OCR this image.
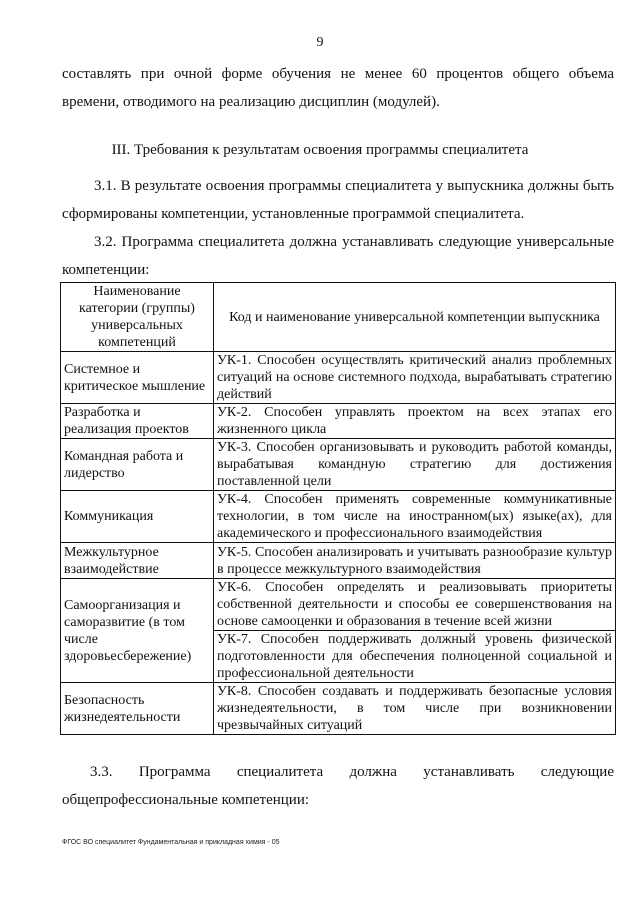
9
составлять при очной форме обучения не менее 60 процентов общего объема времени, отводимого на реализацию дисциплин (модулей).
III. Требования к результатам освоения программы специалитета
3.1. В результате освоения программы специалитета у выпускника должны быть сформированы компетенции, установленные программой специалитета.
3.2. Программа специалитета должна устанавливать следующие универсальные компетенции:
Наименование категории (группы) универсальных компетенций	Код и наименование универсальной компетенции выпускника
Системное и критическое мышление	УК-1. Способен осуществлять критический анализ проблемных ситуаций на основе системного подхода, вырабатывать стратегию действий
Разработка и реализация проектов	УК-2. Способен управлять проектом на всех этапах его жизненного цикла
Командная работа и лидерство	УК-3. Способен организовывать и руководить работой команды, вырабатывая командную стратегию для достижения поставленной цели
Коммуникация	УК-4. Способен применять современные коммуникативные технологии, в том числе на иностранном(ых) языке(ах), для академического и профессионального взаимодействия
Межкультурное взаимодействие	УК-5. Способен анализировать и учитывать разнообразие культур в процессе межкультурного взаимодействия
Самоорганизация и саморазвитие (в том числе здоровьесбережение)	УК-6. Способен определять и реализовывать приоритеты собственной деятельности и способы ее совершенствования на основе самооценки и образования в течение всей жизни
	УК-7. Способен поддерживать должный уровень физической подготовленности для обеспечения полноценной социальной и профессиональной деятельности
Безопасность жизнедеятельности	УК-8. Способен создавать и поддерживать безопасные условия жизнедеятельности, в том числе при возникновении чрезвычайных ситуаций
3.3. Программа специалитета должна устанавливать следующие
общепрофессиональные компетенции:
ФГОС ВО специалитет Фундаментальная и прикладная химия - 05
